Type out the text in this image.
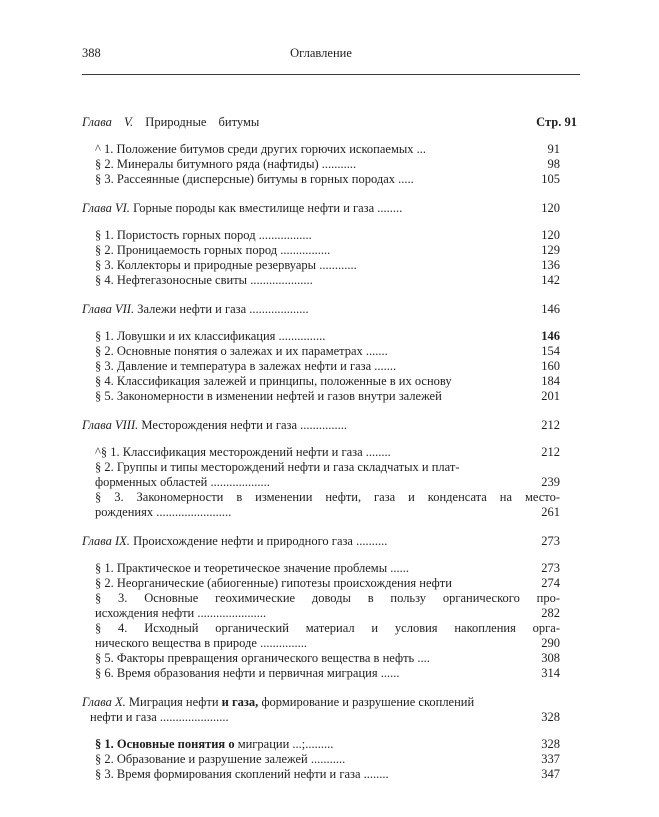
388	Оглавление
Глава V. Природные битумы	Стр. 91
^ 1. Положение битумов среди других горючих ископаемых ...	91
§ 2. Минералы битумного ряда (нафтиды) ...........	98
§ 3. Рассеянные (дисперсные) битумы в горных породах .....	105
Глава VI. Горные породы как вместилище нефти и газа ........	120
§ 1. Пористость горных пород .................	120
§ 2. Проницаемость горных пород ................	129
§ 3. Коллекторы и природные резервуары ............	136
§ 4. Нефтегазоносные свиты ....................	142
Глава VII. Залежи нефти и газа ...................	146
§ 1. Ловушки и их классификация ...............	146
§ 2. Основные понятия о залежах и их параметрах .......	154
§ 3. Давление и температура в залежах нефти и газа .......	160
§ 4. Классификация залежей и принципы, положенные в их основу	184
§ 5. Закономерности в изменении нефтей и газов внутри залежей	201
Глава VIII. Месторождения нефти и газа ...............	212
^§ 1. Классификация месторождений нефти и газа ........	212
§ 2. Группы и типы месторождений нефти и газа складчатых и плат-
форменных областей ...................	239
§ 3. Закономерности в изменении нефти, газа и конденсата на место-
рождениях ........................	261
Глава IX. Происхождение нефти и природного газа ..........	273
§ 1. Практическое и теоретическое значение проблемы ......	273
§ 2. Неорганические (абиогенные) гипотезы происхождения нефти	274
§ 3. Основные геохимические доводы в пользу органического про-
исхождения нефти ......................	282
§ 4. Исходный органический материал и условия накопления орга-
нического вещества в природе ...............	290
§ 5. Факторы превращения органического вещества в нефть ....	308
§ 6. Время образования нефти и первичная миграция ......	314
Глава X. Миграция нефти и газа, формирование и разрушение скоплений
нефти и газа ......................	328
§ 1. Основные понятия о миграции ...;.........	328
§ 2. Образование и разрушение залежей ...........	337
§ 3. Время формирования скоплений нефти и газа ........	347
